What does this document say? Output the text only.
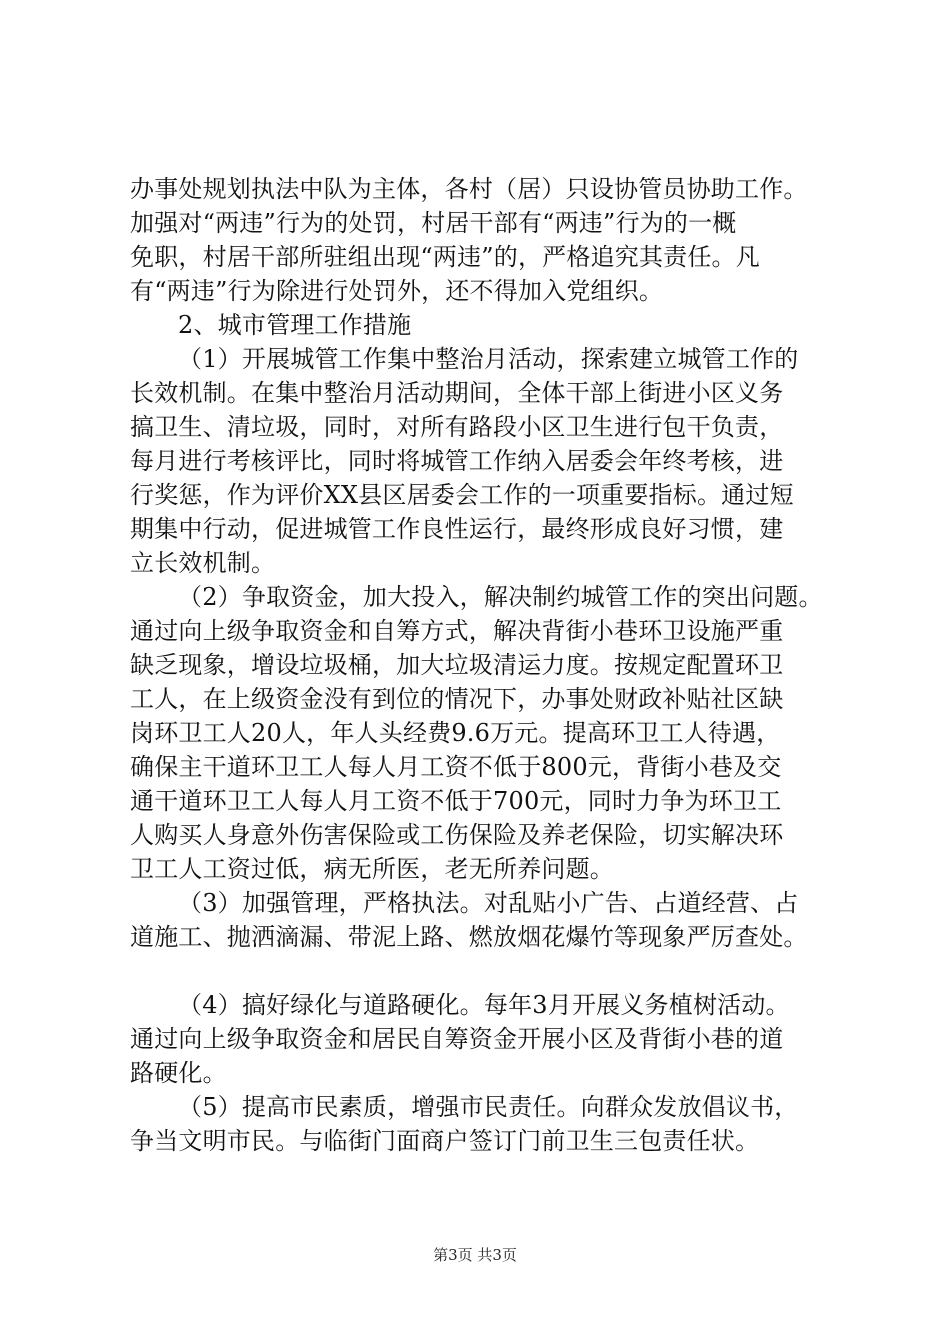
办事处规划执法中队为主体，各村（居）只设协管员协助工作。
加强对“两违”行为的处罚，村居干部有“两违”行为的一概
免职，村居干部所驻组出现“两违”的，严格追究其责任。凡
有“两违”行为除进行处罚外，还不得加入党组织。
2、城市管理工作措施
（1）开展城管工作集中整治月活动，探索建立城管工作的
长效机制。在集中整治月活动期间，全体干部上街进小区义务
搞卫生、清垃圾，同时，对所有路段小区卫生进行包干负责，
每月进行考核评比，同时将城管工作纳入居委会年终考核，进
行奖惩，作为评价XX县区居委会工作的一项重要指标。通过短
期集中行动，促进城管工作良性运行，最终形成良好习惯，建
立长效机制。
（2）争取资金，加大投入，解决制约城管工作的突出问题。
通过向上级争取资金和自筹方式，解决背街小巷环卫设施严重
缺乏现象，增设垃圾桶，加大垃圾清运力度。按规定配置环卫
工人，在上级资金没有到位的情况下，办事处财政补贴社区缺
岗环卫工人20人，年人头经费9.6万元。提高环卫工人待遇，
确保主干道环卫工人每人月工资不低于800元，背街小巷及交
通干道环卫工人每人月工资不低于700元，同时力争为环卫工
人购买人身意外伤害保险或工伤保险及养老保险，切实解决环
卫工人工资过低，病无所医，老无所养问题。
（3）加强管理，严格执法。对乱贴小广告、占道经营、占
道施工、抛洒滴漏、带泥上路、燃放烟花爆竹等现象严厉查处。
（4）搞好绿化与道路硬化。每年3月开展义务植树活动。
通过向上级争取资金和居民自筹资金开展小区及背街小巷的道
路硬化。
（5）提高市民素质，增强市民责任。向群众发放倡议书，
争当文明市民。与临街门面商户签订门前卫生三包责任状。
第3页 共3页
